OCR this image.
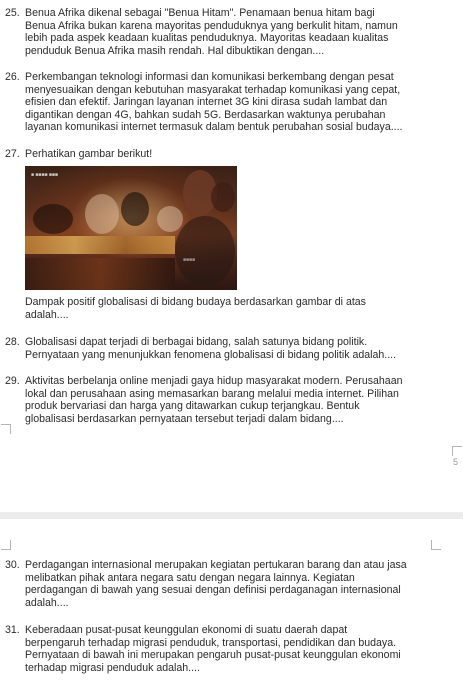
25. Benua Afrika dikenal sebagai "Benua Hitam". Penamaan benua hitam bagi
Benua Afrika bukan karena mayoritas penduduknya yang berkulit hitam, namun
lebih pada aspek keadaan kualitas penduduknya. Mayoritas keadaan kualitas
penduduk Benua Afrika masih rendah. Hal dibuktikan dengan....
26. Perkembangan teknologi informasi dan komunikasi berkembang dengan pesat
menyesuaikan dengan kebutuhan masyarakat terhadap komunikasi yang cepat,
efisien dan efektif. Jaringan layanan internet 3G kini dirasa sudah lambat dan
digantikan dengan 4G, bahkan sudah 5G. Berdasarkan waktunya perubahan
layanan komunikasi internet termasuk dalam bentuk perubahan sosial budaya....
27. Perhatikan gambar berikut!
■ ■■■■ ■■■
■■■■
Dampak positif globalisasi di bidang budaya berdasarkan gambar di atas
adalah....
28. Globalisasi dapat terjadi di berbagai bidang, salah satunya bidang politik.
Pernyataan yang menunjukkan fenomena globalisasi di bidang politik adalah....
29. Aktivitas berbelanja online menjadi gaya hidup masyarakat modern. Perusahaan
lokal dan perusahaan asing memasarkan barang melalui media internet. Pilihan
produk bervariasi dan harga yang ditawarkan cukup terjangkau. Bentuk
globalisasi berdasarkan pernyataan tersebut terjadi dalam bidang....
5
30. Perdagangan internasional merupakan kegiatan pertukaran barang dan atau jasa
melibatkan pihak antara negara satu dengan negara lainnya. Kegiatan
perdagangan di bawah yang sesuai dengan definisi perdaganagan internasional
adalah....
31. Keberadaan pusat-pusat keunggulan ekonomi di suatu daerah dapat
berpengaruh terhadap migrasi penduduk, transportasi, pendidikan dan budaya.
Pernyataan di bawah ini merupakan pengaruh pusat-pusat keunggulan ekonomi
terhadap migrasi penduduk adalah....
